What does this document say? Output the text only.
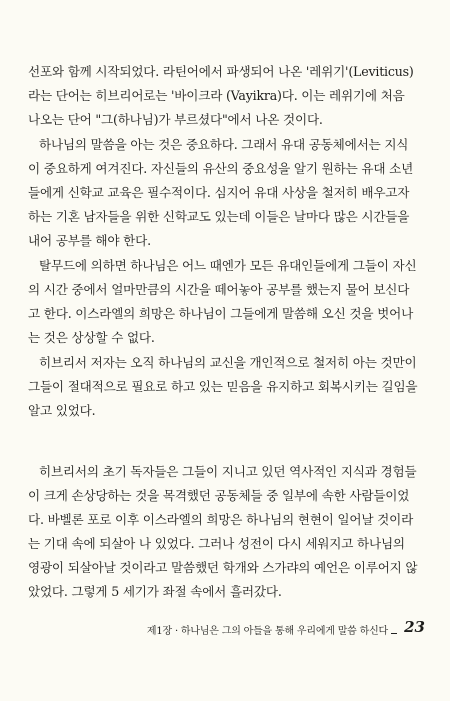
선포와 함께 시작되었다. 라틴어에서 파생되어 나온 '레위기'(Leviticus)
라는 단어는 히브리어로는 '바이크라 (Vayikra)다. 이는 레위기에 처음
나오는 단어 "그(하나님)가 부르셨다"에서 나온 것이다.
하나님의 말씀을 아는 것은 중요하다. 그래서 유대 공동체에서는 지식
이 중요하게 여겨진다. 자신들의 유산의 중요성을 알기 원하는 유대 소년
들에게 신학교 교육은 필수적이다. 심지어 유대 사상을 철저히 배우고자
하는 기혼 남자들을 위한 신학교도 있는데 이들은 날마다 많은 시간들을
내어 공부를 해야 한다.
탈무드에 의하면 하나님은 어느 때엔가 모든 유대인들에게 그들이 자신
의 시간 중에서 얼마만큼의 시간을 떼어놓아 공부를 했는지 물어 보신다
고 한다. 이스라엘의 희망은 하나님이 그들에게 말씀해 오신 것을 벗어나
는 것은 상상할 수 없다.
히브리서 저자는 오직 하나님의 교신을 개인적으로 철저히 아는 것만이
그들이 절대적으로 필요로 하고 있는 믿음을 유지하고 회복시키는 길임을
알고 있었다.
히브리서의 초기 독자들은 그들이 지니고 있던 역사적인 지식과 경험들
이 크게 손상당하는 것을 목격했던 공동체들 중 일부에 속한 사람들이었
다. 바벨론 포로 이후 이스라엘의 희망은 하나님의 현현이 일어날 것이라
는 기대 속에 되살아 나 있었다. 그러나 성전이 다시 세워지고 하나님의
영광이 되살아날 것이라고 말씀했던 학개와 스가랴의 예언은 이루어지 않
았었다. 그렇게 5 세기가 좌절 속에서 흘러갔다.
제1장 · 하나님은 그의 아들을 통해 우리에게 말씀 하신다 23
